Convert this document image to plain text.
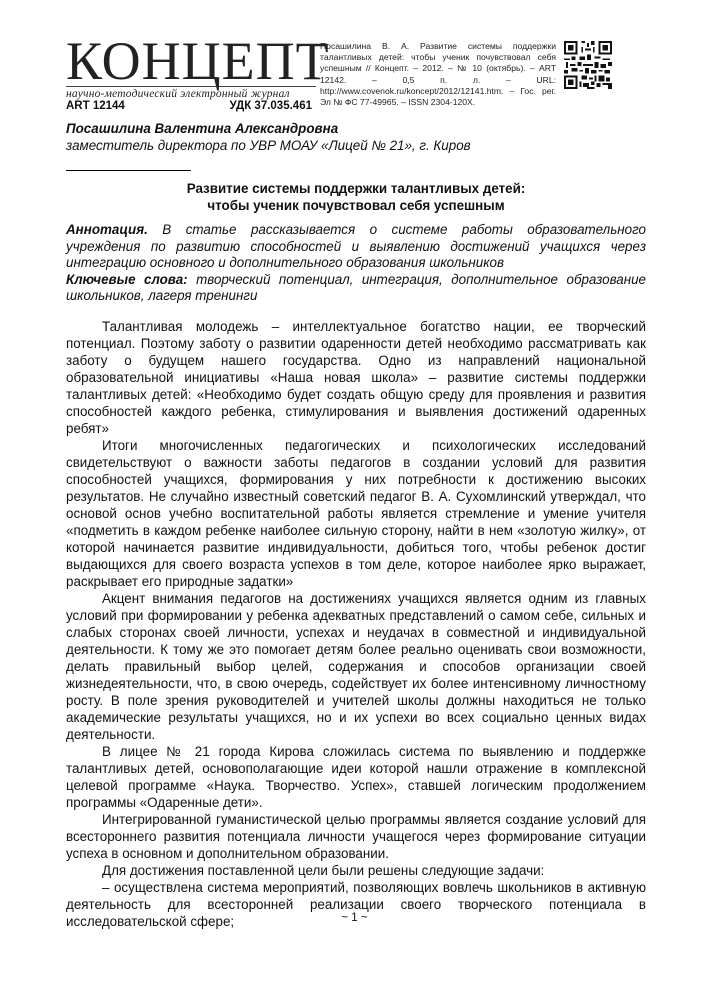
КОНЦЕПТ
научно-методический электронный журнал
ART 12144	УДК 37.035.461
Посашилина В. А. Развитие системы поддержки талантливых детей: чтобы ученик почувствовал себя успешным // Концепт. – 2012. – № 10 (октябрь). – ART 12142. – 0,5 п. л. – URL: http://www.covenok.ru/koncept/2012/12141.htm. – Гос. рег. Эл № ФС 77-49965. – ISSN 2304-120X.
Посашилина Валентина Александровна
заместитель директора по УВР МОАУ «Лицей № 21», г. Киров
Развитие системы поддержки талантливых детей:
чтобы ученик почувствовал себя успешным

Аннотация. В статье рассказывается о системе работы образовательного учреждения по развитию способностей и выявлению достижений учащихся через интеграцию основного и дополнительного образования школьников

Ключевые слова: творческий потенциал, интеграция, дополнительное образование школьников, лагеря тренинги

Талантливая молодежь – интеллектуальное богатство нации, ее творческий потенциал. Поэтому заботу о развитии одаренности детей необходимо рассматривать как заботу о будущем нашего государства. Одно из направлений национальной образовательной инициативы «Наша новая школа» – развитие системы поддержки талантливых детей: «Необходимо будет создать общую среду для проявления и развития способностей каждого ребенка, стимулирования и выявления достижений одаренных ребят»

Итоги многочисленных педагогических и психологических исследований свидетельствуют о важности заботы педагогов в создании условий для развития способностей учащихся, формирования у них потребности к достижению высоких результатов. Не случайно известный советский педагог В. А. Сухомлинский утверждал, что основой основ учебно воспитательной работы является стремление и умение учителя «подметить в каждом ребенке наиболее сильную сторону, найти в нем «золотую жилку», от которой начинается развитие индивидуальности, добиться того, чтобы ребенок достиг выдающихся для своего возраста успехов в том деле, которое наиболее ярко выражает, раскрывает его природные задатки»

Акцент внимания педагогов на достижениях учащихся является одним из главных условий при формировании у ребенка адекватных представлений о самом себе, сильных и слабых сторонах своей личности, успехах и неудачах в совместной и индивидуальной деятельности. К тому же это помогает детям более реально оценивать свои возможности, делать правильный выбор целей, содержания и способов организации своей жизнедеятельности, что, в свою очередь, содействует их более интенсивному личностному росту. В поле зрения руководителей и учителей школы должны находиться не только академические результаты учащихся, но и их успехи во всех социально ценных видах деятельности.

В лицее № 21 города Кирова сложилась система по выявлению и поддержке талантливых детей, основополагающие идеи которой нашли отражение в комплексной целевой программе «Наука. Творчество. Успех», ставшей логическим продолжением программы «Одаренные дети».

Интегрированной гуманистической целью программы является создание условий для всестороннего развития потенциала личности учащегося через формирование ситуации успеха в основном и дополнительном образовании.

Для достижения поставленной цели были решены следующие задачи:

– осуществлена система мероприятий, позволяющих вовлечь школьников в активную деятельность для всесторонней реализации своего творческого потенциала в исследовательской сфере;	~ 1 ~
